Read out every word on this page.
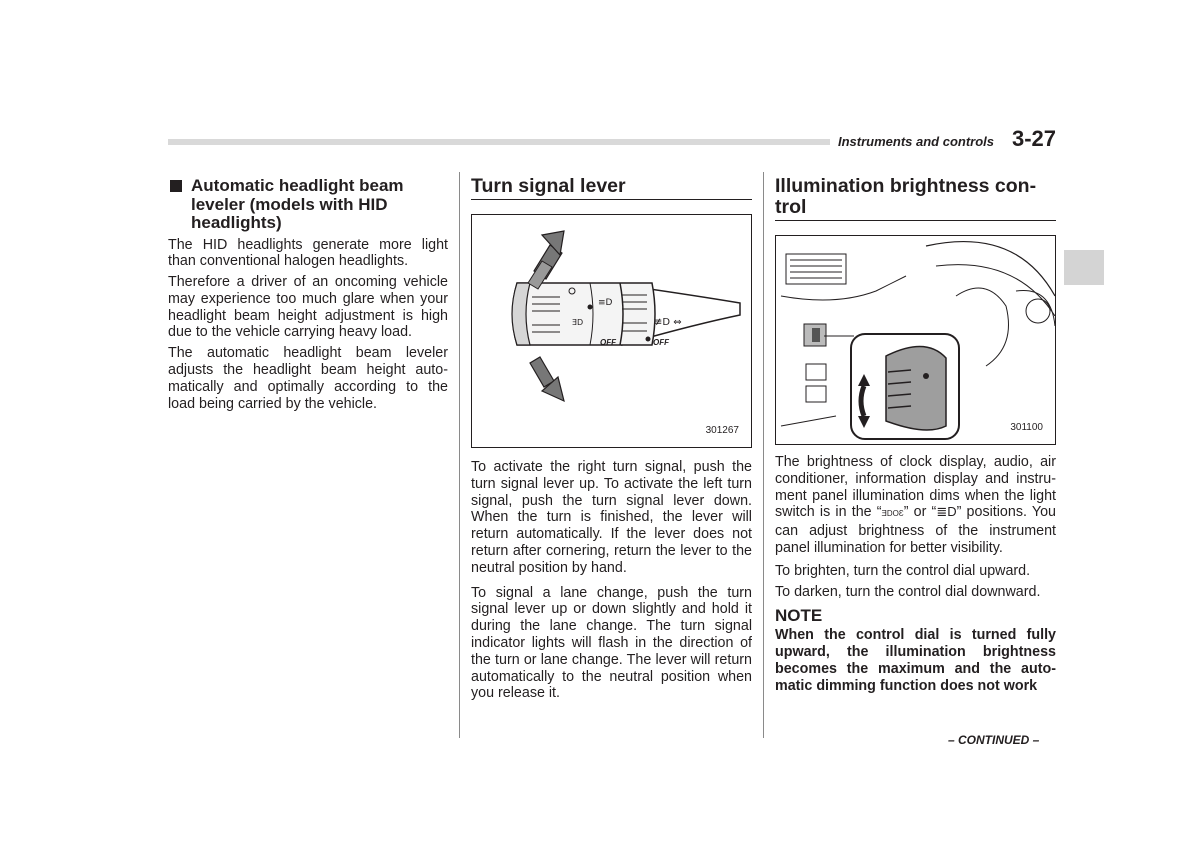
Instruments and controls 3-27
Automatic headlight beam leveler (models with HID headlights)

The HID headlights generate more light than conventional halogen headlights.

Therefore a driver of an oncoming vehicle may experience too much glare when your headlight beam height adjustment is high due to the vehicle carrying heavy load.

The automatic headlight beam leveler adjusts the headlight beam height auto-matically and optimally according to the load being carried by the vehicle.

Turn signal lever
≡D
ƎD	≢D ⇔
OFF	OFF
301267

To activate the right turn signal, push the turn signal lever up. To activate the left turn signal, push the turn signal lever down. When the turn is finished, the lever will return automatically. If the lever does not return after cornering, return the lever to the neutral position by hand.

To signal a lane change, push the turn signal lever up or down slightly and hold it during the lane change. The turn signal indicator lights will flash in the direction of the turn or lane change. The lever will return automatically to the neutral position when you release it.

Illumination brightness con-trol
301100

The brightness of clock display, audio, air conditioner, information display and instru-ment panel illumination dims when the light switch is in the “ƎDOƐ” or “≣D” positions. You can adjust brightness of the instrument panel illumination for better visibility.

To brighten, turn the control dial upward.

To darken, turn the control dial downward.

NOTE

When the control dial is turned fully upward, the illumination brightness becomes the maximum and the auto-matic dimming function does not work

– CONTINUED –
